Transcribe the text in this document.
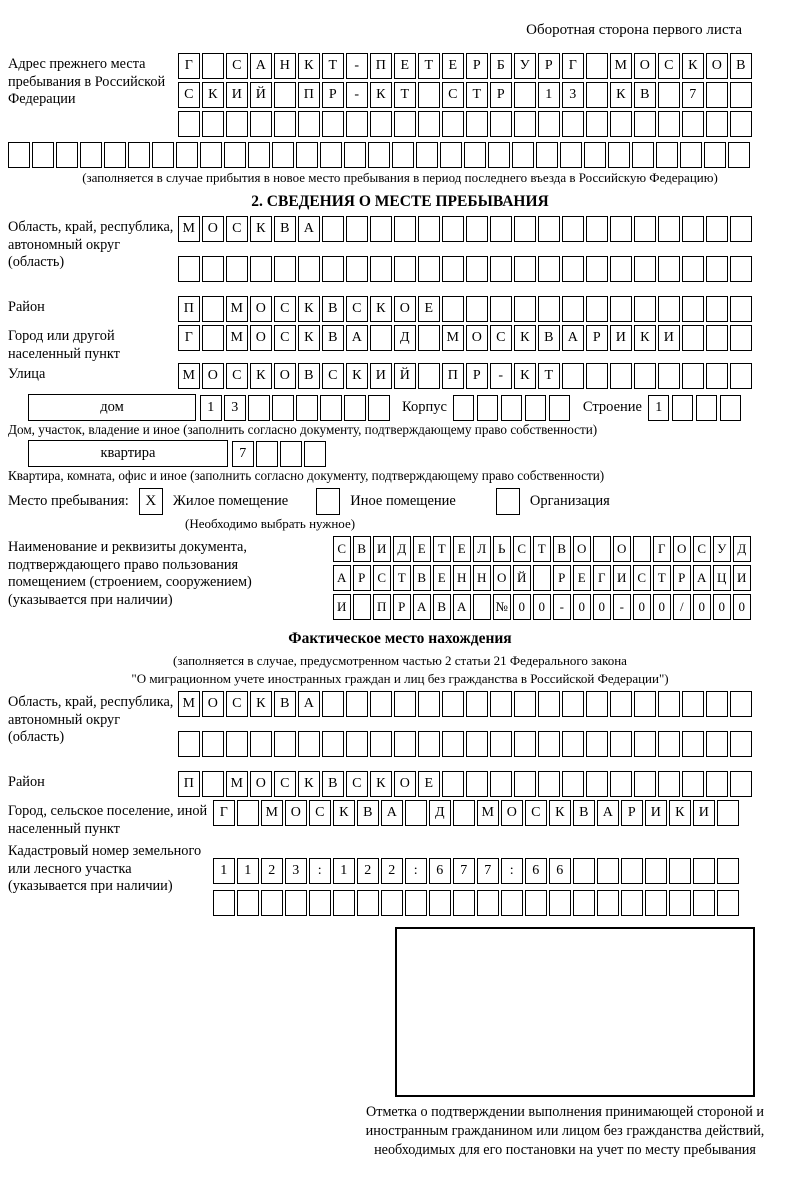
Оборотная сторона первого листа
Адрес прежнего места пребывания в Российской Федерации
Г	С	А Н	К	Т	-	П	Е	Т	Е	Р	Б	У	Р	Г	М О	С	К	О	В
С	К	И Й	П	Р	-	К	Т	С	Т	Р	1	3	К	В	7
(заполняется в случае прибытия в новое место пребывания в период последнего въезда в Российскую Федерацию)
2. СВЕДЕНИЯ О МЕСТЕ ПРЕБЫВАНИЯ
Область, край, республика, автономный округ (область)
М О	С	К	В	А
Район	П	М О	С	К	В	С	К	О	Е
Город или другой населенный пункт
Г	М О	С	К	В	А	Д	М О	С	К	В	А	Р	И	К	И
Улица	М О	С	К	О	В	С	К	И Й	П	Р	-	К	Т
дом	1	3	Корпус	Строение 1
Дом, участок, владение и иное (заполнить согласно документу, подтверждающему право собственности)
квартира	7
Квартира, комната, офис и иное (заполнить согласно документу, подтверждающему право собственности)
Место пребывания:	X	Жилое помещение	Иное помещение	Организация
(Необходимо выбрать нужное)
Наименование и реквизиты документа, подтверждающего право пользования помещением (строением, сооружением) (указывается при наличии)
С В И Д Е Т Е Л Ь С Т В О	О	Г О С У Д
А Р С Т В Е Н Н О Й	Р Е Г И С Т Р А Ц И
И	П Р А В А	№ 0	0	-	0	0	-	0	0	/	0	0	0
Фактическое место нахождения
(заполняется в случае, предусмотренном частью 2 статьи 21 Федерального закона
"О миграционном учете иностранных граждан и лиц без гражданства в Российской Федерации")
Область, край, республика, автономный округ (область)
М О	С	К	В	А
Район	П	М О	С	К	В	С	К	О	Е
Город, сельское поселение, иной населенный пункт
Г	М О	С	К	В	А	Д	М О	С	К	В	А	Р	И	К	И
Кадастровый номер земельного или лесного участка (указывается при наличии)
1	1	2	3	:	1	2	2	:	6	7	7	:	6	6
Отметка о подтверждении выполнения принимающей стороной и иностранным гражданином или лицом без гражданства действий, необходимых для его постановки на учет по месту пребывания
